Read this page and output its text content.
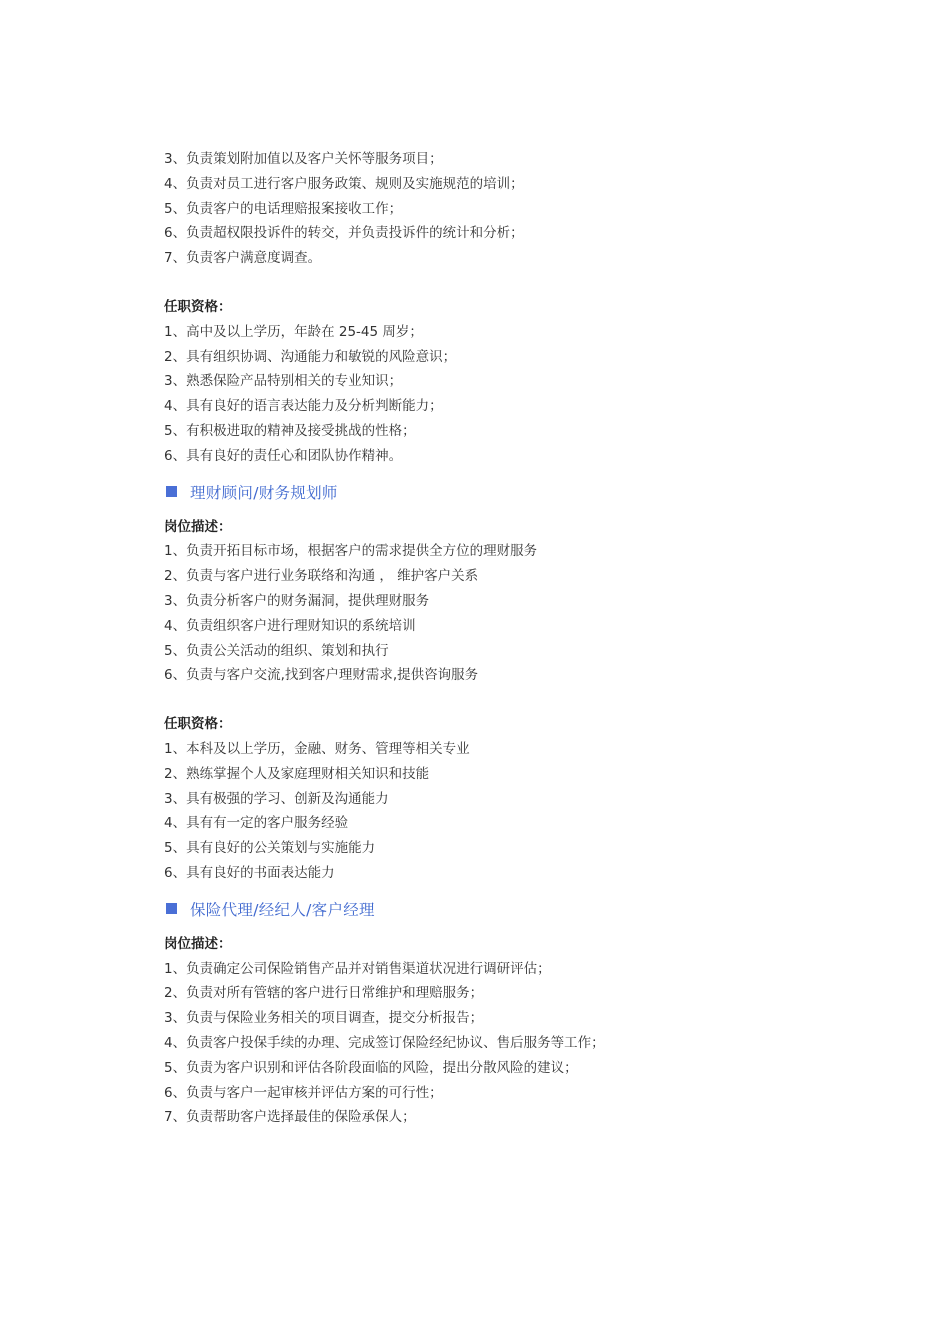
3、负责策划附加值以及客户关怀等服务项目；
4、负责对员工进行客户服务政策、规则及实施规范的培训；
5、负责客户的电话理赔报案接收工作；
6、负责超权限投诉件的转交，并负责投诉件的统计和分析；
7、负责客户满意度调查。
任职资格：
1、高中及以上学历，年龄在 25-45 周岁；
2、具有组织协调、沟通能力和敏锐的风险意识；
3、熟悉保险产品特别相关的专业知识；
4、具有良好的语言表达能力及分析判断能力；
5、有积极进取的精神及接受挑战的性格；
6、具有良好的责任心和团队协作精神。
理财顾问/财务规划师
岗位描述：
1、负责开拓目标市场，根据客户的需求提供全方位的理财服务
2、负责与客户进行业务联络和沟通 ， 维护客户关系
3、负责分析客户的财务漏洞，提供理财服务
4、负责组织客户进行理财知识的系统培训
5、负责公关活动的组织、策划和执行
6、负责与客户交流,找到客户理财需求,提供咨询服务
任职资格：
1、本科及以上学历，金融、财务、管理等相关专业
2、熟练掌握个人及家庭理财相关知识和技能
3、具有极强的学习、创新及沟通能力
4、具有有一定的客户服务经验
5、具有良好的公关策划与实施能力
6、具有良好的书面表达能力
保险代理/经纪人/客户经理
岗位描述：
1、负责确定公司保险销售产品并对销售渠道状况进行调研评估；
2、负责对所有管辖的客户进行日常维护和理赔服务；
3、负责与保险业务相关的项目调查，提交分析报告；
4、负责客户投保手续的办理、完成签订保险经纪协议、售后服务等工作；
5、负责为客户识别和评估各阶段面临的风险，提出分散风险的建议；
6、负责与客户一起审核并评估方案的可行性；
7、负责帮助客户选择最佳的保险承保人；
